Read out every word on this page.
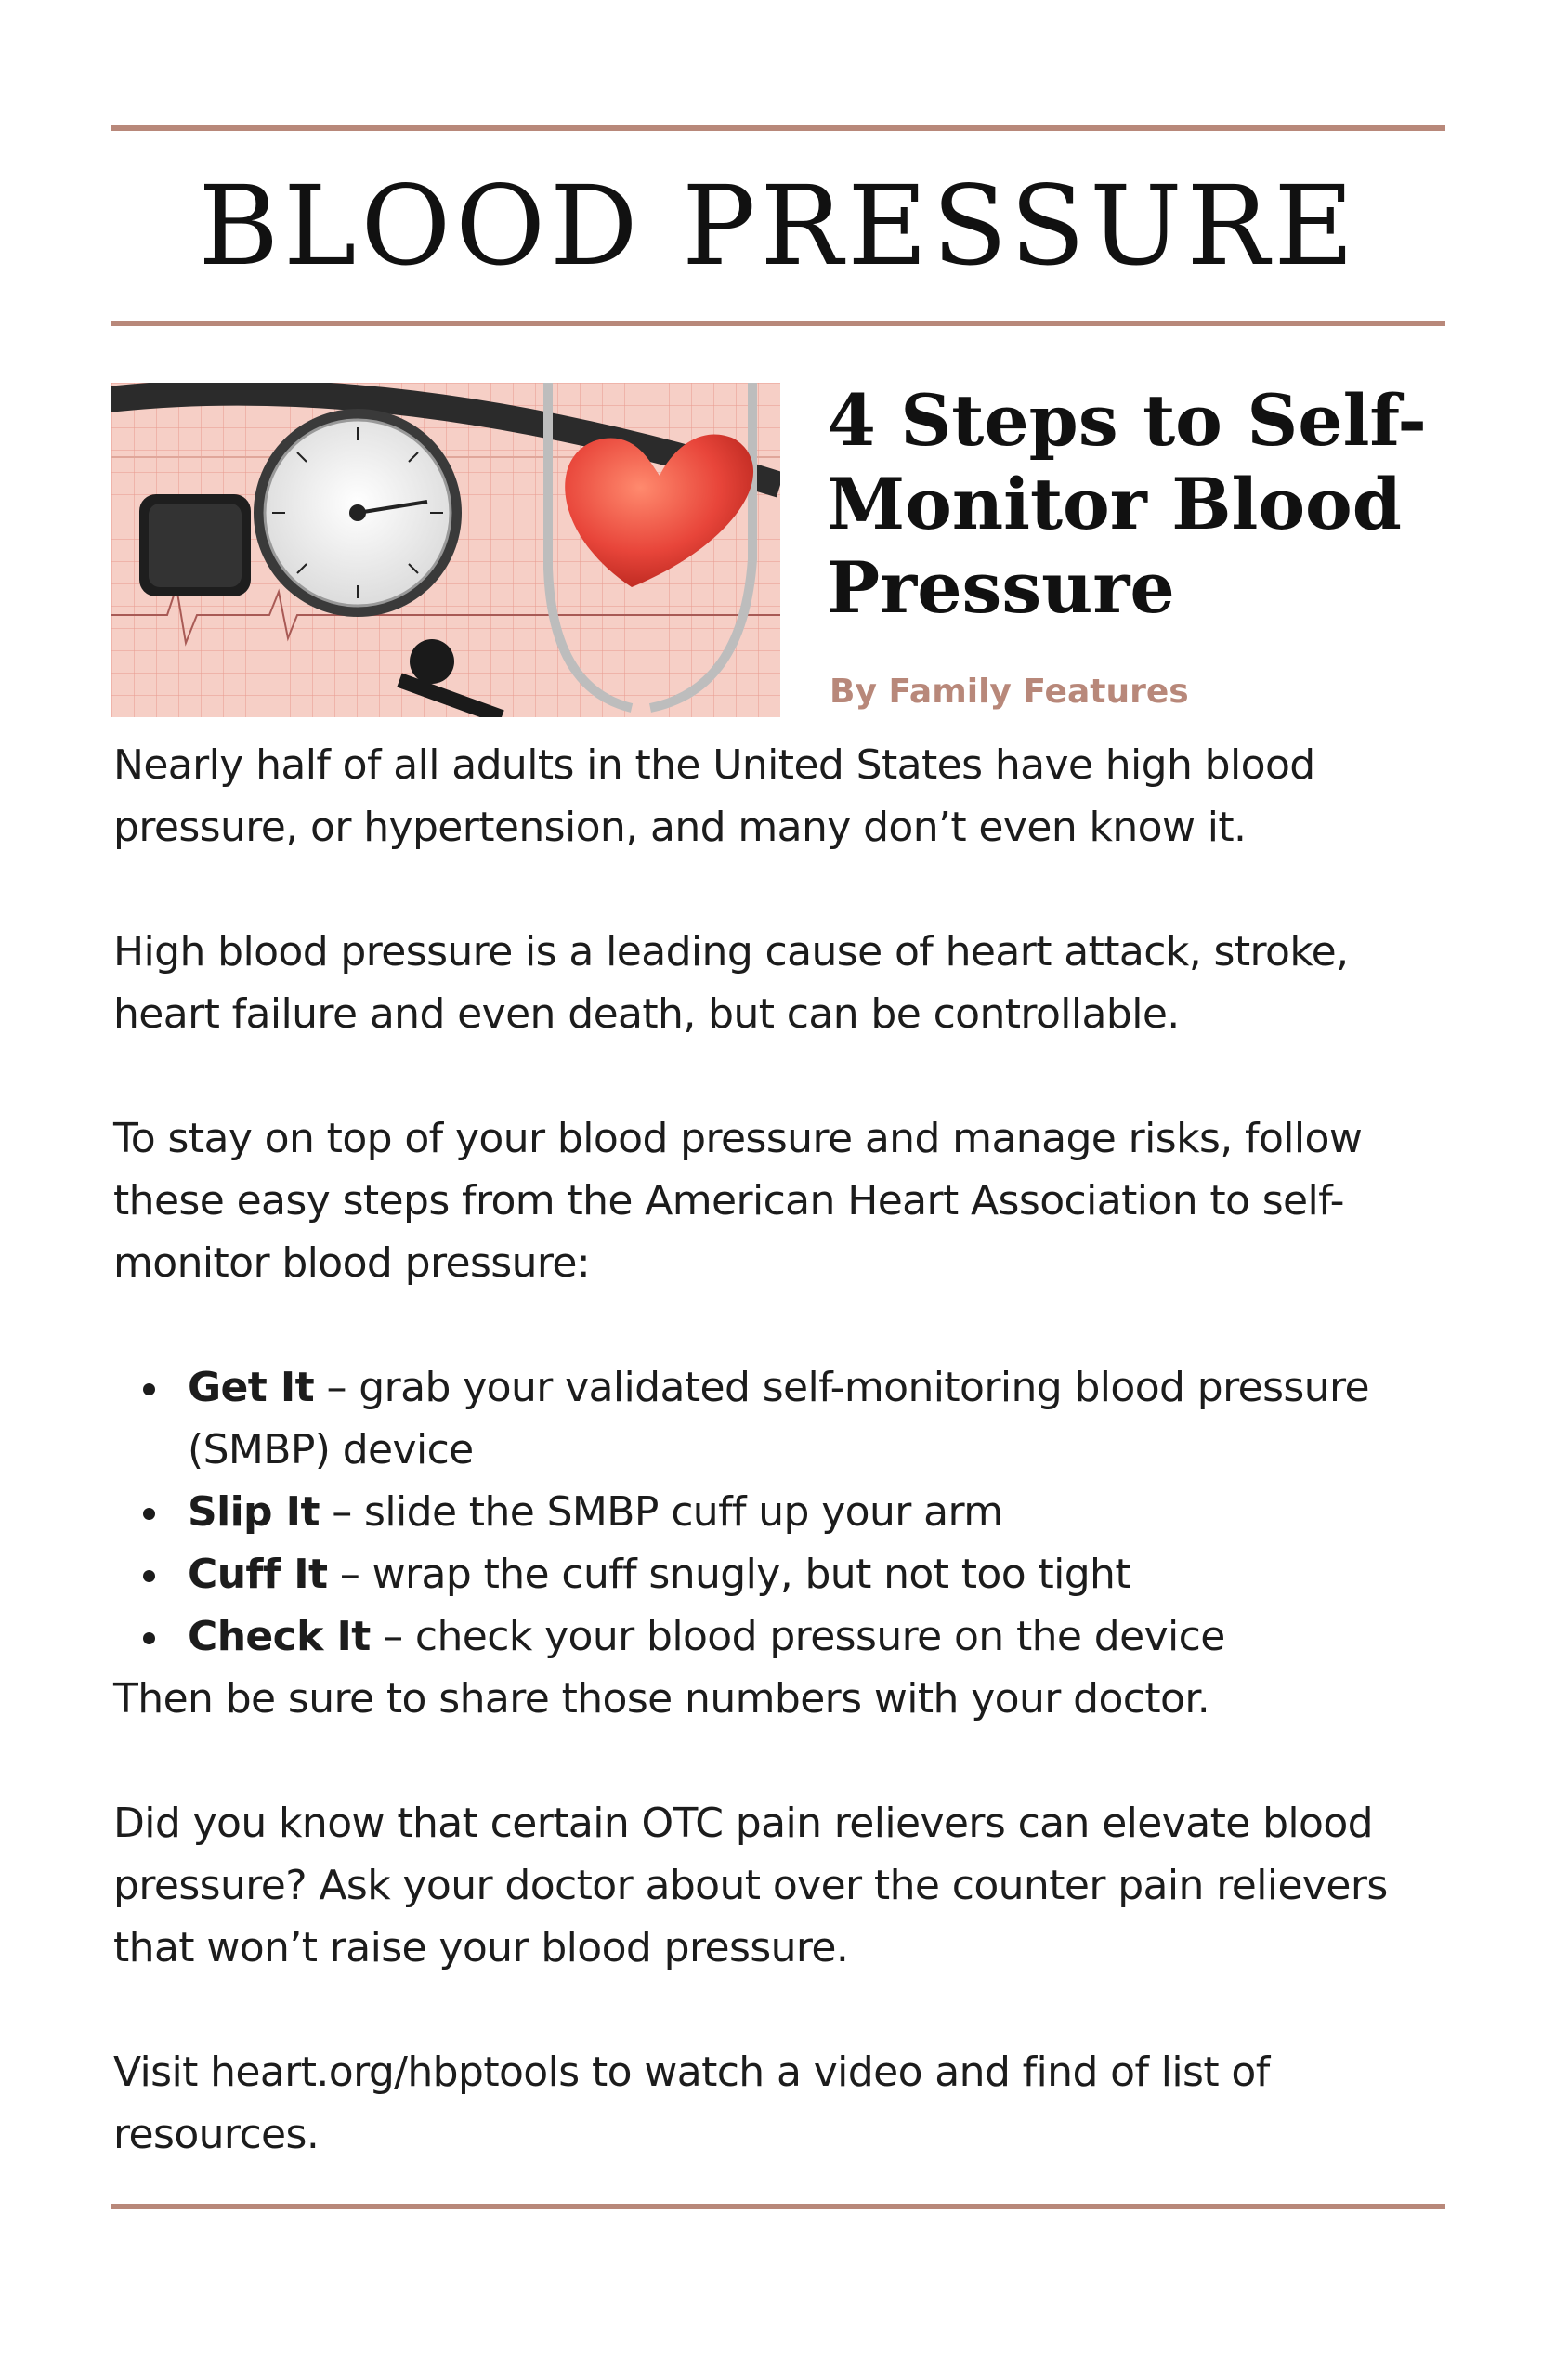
BLOOD PRESSURE
4 Steps to Self-Monitor Blood Pressure
By Family Features

Nearly half of all adults in the United States have high blood pressure, or hypertension, and many don’t even know it.

High blood pressure is a leading cause of heart attack, stroke, heart failure and even death, but can be controllable.

To stay on top of your blood pressure and manage risks, follow these easy steps from the American Heart Association to self-monitor blood pressure:

Get It – grab your validated self-monitoring blood pressure (SMBP) device
Slip It – slide the SMBP cuff up your arm
Cuff It – wrap the cuff snugly, but not too tight
Check It – check your blood pressure on the device

Then be sure to share those numbers with your doctor.

Did you know that certain OTC pain relievers can elevate blood pressure? Ask your doctor about over the counter pain relievers that won’t raise your blood pressure.

Visit heart.org/hbptools to watch a video and find of list of resources.
